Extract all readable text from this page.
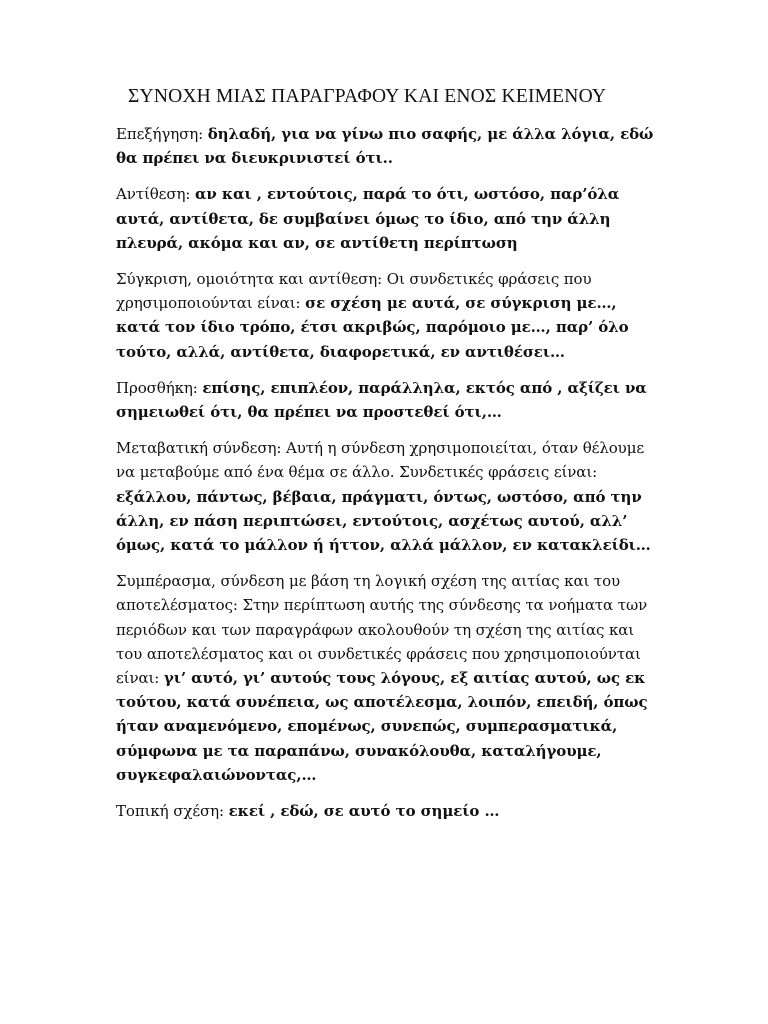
ΣΥΝΟΧΗ ΜΙΑΣ ΠΑΡΑΓΡΑΦΟΥ ΚΑΙ ΕΝΟΣ ΚΕΙΜΕΝΟΥ

Επεξήγηση: δηλαδή, για να γίνω πιο σαφής, με άλλα λόγια, εδώ θα πρέπει να διευκρινιστεί ότι..

Αντίθεση: αν και , εντούτοις, παρά το ότι, ωστόσο, παρ’όλα αυτά, αντίθετα, δε συμβαίνει όμως το ίδιο, από την άλλη πλευρά, ακόμα και αν, σε αντίθετη περίπτωση

Σύγκριση, ομοιότητα και αντίθεση: Οι συνδετικές φράσεις που χρησιμοποιούνται είναι: σε σχέση με αυτά, σε σύγκριση με…, κατά τον ίδιο τρόπο, έτσι ακριβώς, παρόμοιο με…, παρ’ όλο τούτο, αλλά, αντίθετα, διαφορετικά, εν αντιθέσει…

Προσθήκη: επίσης, επιπλέον, παράλληλα, εκτός από , αξίζει να σημειωθεί ότι, θα πρέπει να προστεθεί ότι,…

Μεταβατική σύνδεση: Αυτή η σύνδεση χρησιμοποιείται, όταν θέλουμε να μεταβούμε από ένα θέμα σε άλλο. Συνδετικές φράσεις είναι: εξάλλου, πάντως, βέβαια, πράγματι, όντως, ωστόσο, από την άλλη, εν πάση περιπτώσει, εντούτοις, ασχέτως αυτού, αλλ’ όμως, κατά το μάλλον ή ήττον, αλλά μάλλον, εν κατακλείδι…

Συμπέρασμα, σύνδεση με βάση τη λογική σχέση της αιτίας και του αποτελέσματος: Στην περίπτωση αυτής της σύνδεσης τα νοήματα των περιόδων και των παραγράφων ακολουθούν τη σχέση της αιτίας και του αποτελέσματος και οι συνδετικές φράσεις που χρησιμοποιούνται είναι: γι’ αυτό, γι’ αυτούς τους λόγους, εξ αιτίας αυτού, ως εκ τούτου, κατά συνέπεια, ως αποτέλεσμα, λοιπόν, επειδή, όπως ήταν αναμενόμενο, επομένως, συνεπώς, συμπερασματικά, σύμφωνα με τα παραπάνω, συνακόλουθα, καταλήγουμε, συγκεφαλαιώνοντας,…

Τοπική σχέση: εκεί , εδώ, σε αυτό το σημείο …
